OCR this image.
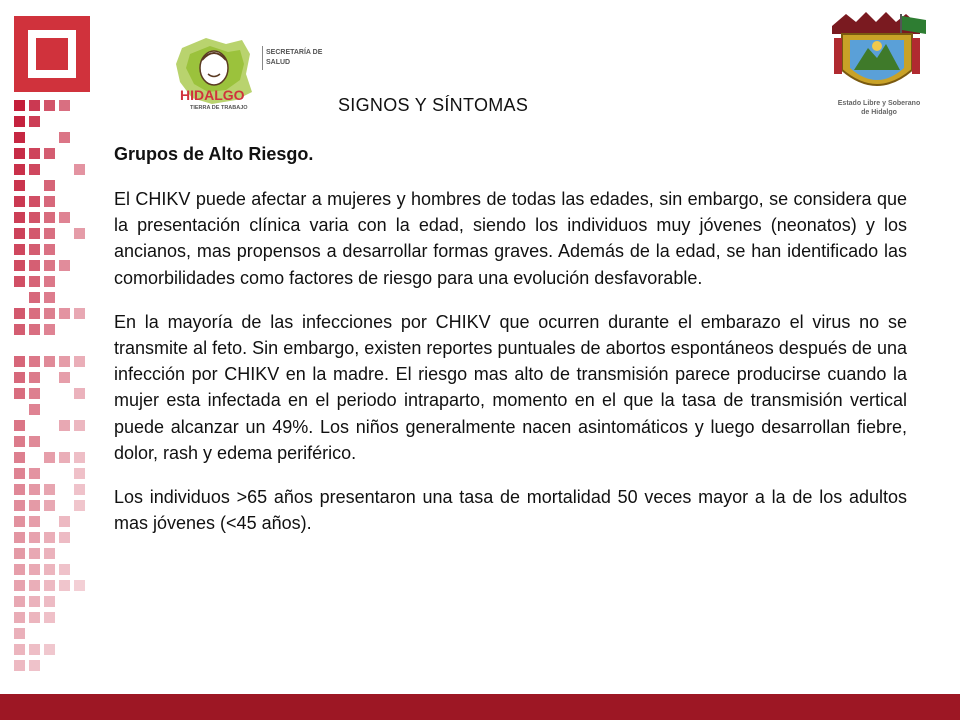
SECRETARÍA DE
SALUD
HIDALGO
TIERRA DE TRABAJO
Estado Libre y Soberano
de Hidalgo
SIGNOS Y SÍNTOMAS
Grupos de Alto Riesgo.

El CHIKV puede afectar a mujeres y hombres de todas las edades, sin embargo, se considera que la presentación clínica varia con la edad, siendo los individuos muy jóvenes (neonatos) y los ancianos, mas propensos a desarrollar formas graves. Además de la edad, se han identificado las comorbilidades como factores de riesgo para una evolución desfavorable.

En la mayoría de las infecciones por CHIKV que ocurren durante el embarazo el virus no se transmite al feto. Sin embargo, existen reportes puntuales de abortos espontáneos después de una infección por CHIKV en la madre. El riesgo mas alto de transmisión parece producirse cuando la mujer esta infectada en el periodo intraparto, momento en el que la tasa de transmisión vertical puede alcanzar un 49%. Los niños generalmente nacen asintomáticos y luego desarrollan fiebre, dolor, rash y edema periférico.

Los individuos >65 años presentaron una tasa de mortalidad 50 veces mayor a la de los adultos mas jóvenes (<45 años).
